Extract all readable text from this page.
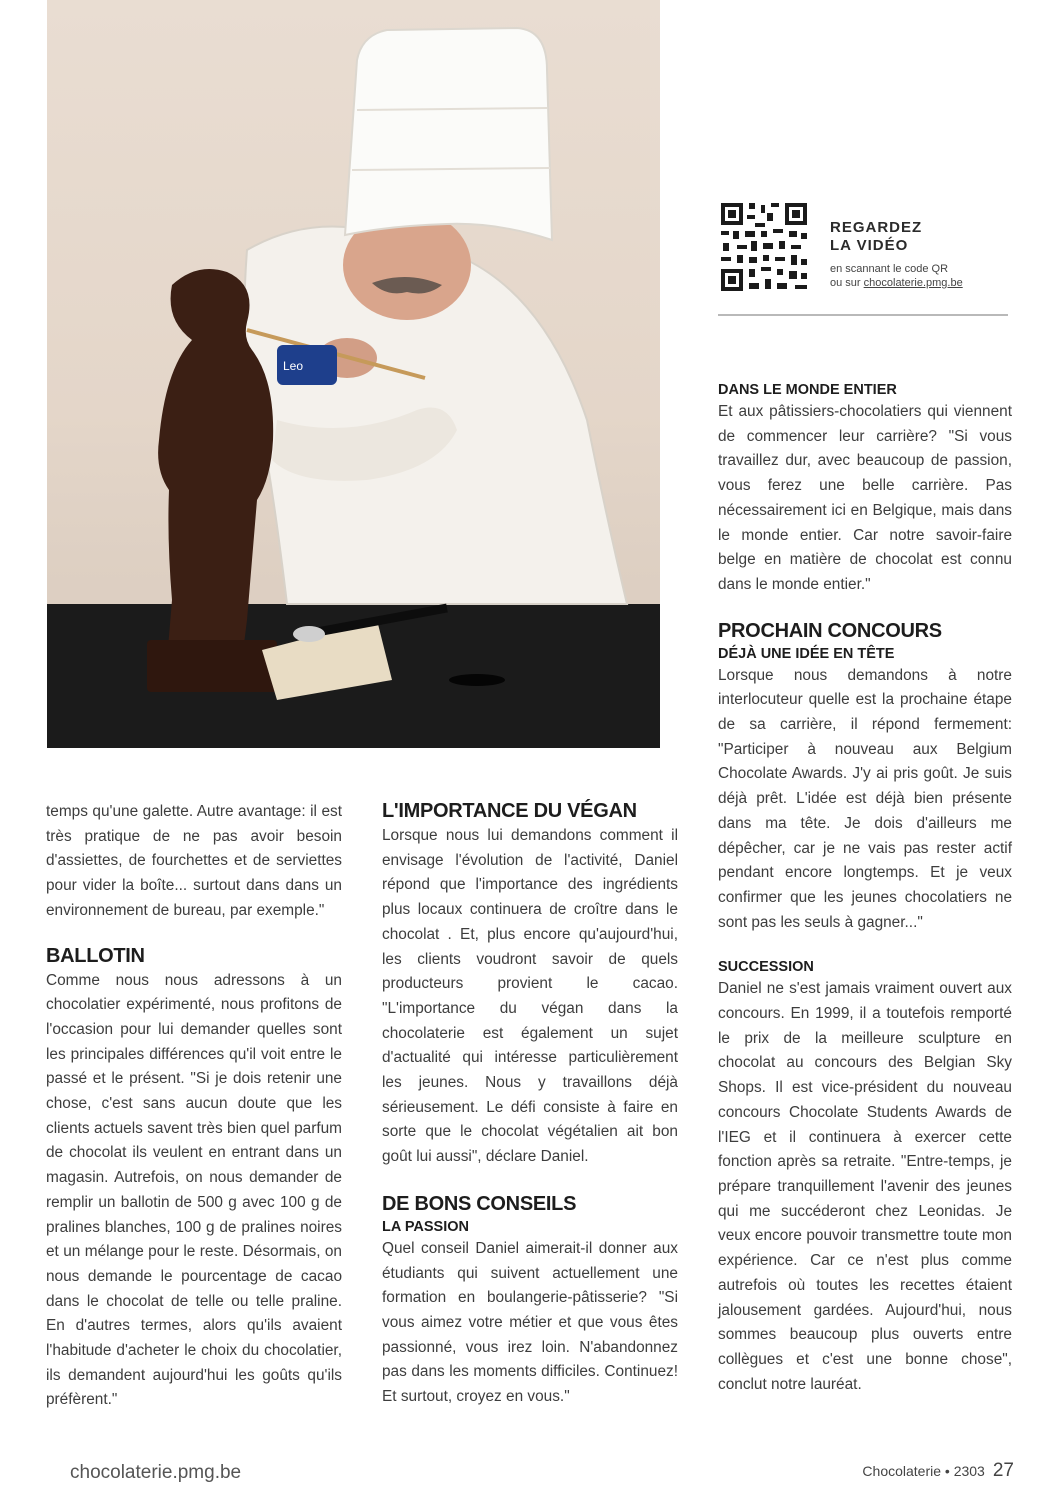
Leo
REGARDEZ
LA VIDÉO
en scannant le code QR
ou sur chocolaterie.pmg.be

temps qu'une galette. Autre avantage: il est très pratique de ne pas avoir besoin d'assiettes, de fourchettes et de serviettes pour vider la boîte... surtout dans dans un environnement de bureau, par exemple."

BALLOTIN

Comme nous nous adressons à un chocolatier expérimenté, nous profitons de l'occasion pour lui demander quelles sont les principales différences qu'il voit entre le passé et le présent. "Si je dois retenir une chose, c'est sans aucun doute que les clients actuels savent très bien quel parfum de chocolat ils veulent en entrant dans un magasin. Autrefois, on nous demander de remplir un ballotin de 500 g avec 100 g de pralines blanches, 100 g de pralines noires et un mélange pour le reste. Désormais, on nous demande le pourcentage de cacao dans le chocolat de telle ou telle praline. En d'autres termes, alors qu'ils avaient l'habitude d'acheter le choix du chocolatier, ils demandent aujourd'hui les goûts qu'ils préfèrent."

L'IMPORTANCE DU VÉGAN

Lorsque nous lui demandons comment il envisage l'évolution de l'activité, Daniel répond que l'importance des ingrédients plus locaux continuera de croître dans le chocolat . Et, plus encore qu'aujourd'hui, les clients voudront savoir de quels producteurs provient le cacao. "L'importance du végan dans la chocolaterie est également un sujet d'actualité qui intéresse particulièrement les jeunes. Nous y travaillons déjà sérieusement. Le défi consiste à faire en sorte que le chocolat végétalien ait bon goût lui aussi", déclare Daniel.

DE BONS CONSEILS
LA PASSION

Quel conseil Daniel aimerait-il donner aux étudiants qui suivent actuellement une formation en boulangerie-pâtisserie? "Si vous aimez votre métier et que vous êtes passionné, vous irez loin. N'abandonnez pas dans les moments difficiles. Continuez! Et surtout, croyez en vous."

DANS LE MONDE ENTIER

Et aux pâtissiers-chocolatiers qui viennent de commencer leur carrière? "Si vous travaillez dur, avec beaucoup de passion, vous ferez une belle carrière. Pas nécessairement ici en Belgique, mais dans le monde entier. Car notre savoir-faire belge en matière de chocolat est connu dans le monde entier."

PROCHAIN CONCOURS
DÉJÀ UNE IDÉE EN TÊTE

Lorsque nous demandons à notre interlocuteur quelle est la prochaine étape de sa carrière, il répond fermement: "Participer à nouveau aux Belgium Chocolate Awards. J'y ai pris goût. Je suis déjà prêt. L'idée est déjà bien présente dans ma tête. Je dois d'ailleurs me dépêcher, car je ne vais pas rester actif pendant encore longtemps. Et je veux confirmer que les jeunes chocolatiers ne sont pas les seuls à gagner..."

SUCCESSION

Daniel ne s'est jamais vraiment ouvert aux concours. En 1999, il a toutefois remporté le prix de la meilleure sculpture en chocolat au concours des Belgian Sky Shops. Il est vice-président du nouveau concours Chocolate Students Awards de l'IEG et il continuera à exercer cette fonction après sa retraite. "Entre-temps, je prépare tranquillement l'avenir des jeunes qui me succéderont chez Leonidas. Je veux encore pouvoir transmettre toute mon expérience. Car ce n'est plus comme autrefois où toutes les recettes étaient jalousement gardées. Aujourd'hui, nous sommes beaucoup plus ouverts entre collègues et c'est une bonne chose", conclut notre lauréat.

chocolaterie.pmg.be	Chocolaterie • 2303 27
